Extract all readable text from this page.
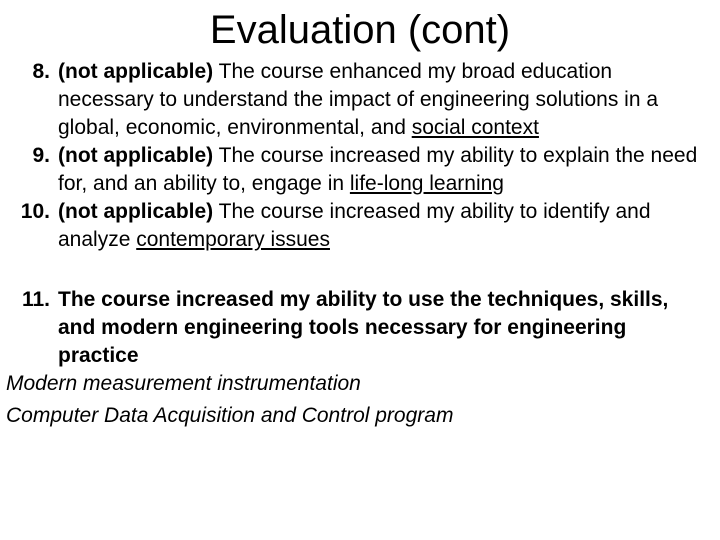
Evaluation (cont)
8. (not applicable) The course enhanced my broad education necessary to understand the impact of engineering solutions in a global, economic, environmental, and social context
9. (not applicable) The course increased my ability to explain the need for, and an ability to, engage in life-long learning
10. (not applicable) The course increased my ability to identify and analyze contemporary issues
11. The course increased my ability to use the techniques, skills, and modern engineering tools necessary for engineering practice
Modern measurement instrumentation
Computer Data Acquisition and Control program
